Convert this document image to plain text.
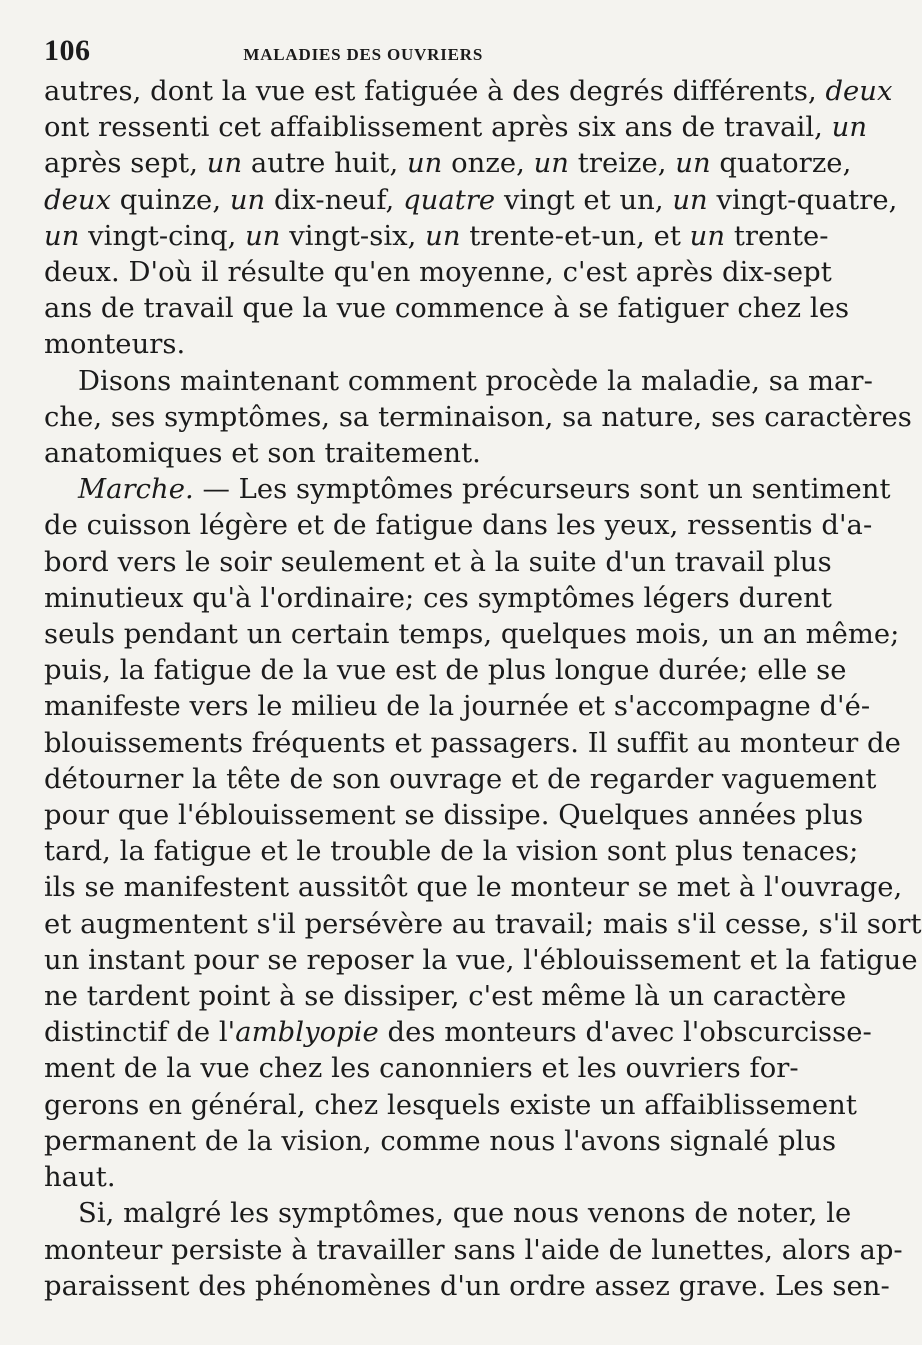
106	MALADIES DES OUVRIERS
autres, dont la vue est fatiguée à des degrés différents, deux
ont ressenti cet affaiblissement après six ans de travail, un
après sept, un autre huit, un onze, un treize, un quatorze,
deux quinze, un dix-neuf, quatre vingt et un, un vingt-quatre,
un vingt-cinq, un vingt-six, un trente-et-un, et un trente-
deux. D'où il résulte qu'en moyenne, c'est après dix-sept
ans de travail que la vue commence à se fatiguer chez les
monteurs.
Disons maintenant comment procède la maladie, sa mar-
che, ses symptômes, sa terminaison, sa nature, ses caractères
anatomiques et son traitement.
Marche. — Les symptômes précurseurs sont un sentiment
de cuisson légère et de fatigue dans les yeux, ressentis d'a-
bord vers le soir seulement et à la suite d'un travail plus
minutieux qu'à l'ordinaire; ces symptômes légers durent
seuls pendant un certain temps, quelques mois, un an même;
puis, la fatigue de la vue est de plus longue durée; elle se
manifeste vers le milieu de la journée et s'accompagne d'é-
blouissements fréquents et passagers. Il suffit au monteur de
détourner la tête de son ouvrage et de regarder vaguement
pour que l'éblouissement se dissipe. Quelques années plus
tard, la fatigue et le trouble de la vision sont plus tenaces;
ils se manifestent aussitôt que le monteur se met à l'ouvrage,
et augmentent s'il persévère au travail; mais s'il cesse, s'il sort
un instant pour se reposer la vue, l'éblouissement et la fatigue
ne tardent point à se dissiper, c'est même là un caractère
distinctif de l'amblyopie des monteurs d'avec l'obscurcisse-
ment de la vue chez les canonniers et les ouvriers for-
gerons en général, chez lesquels existe un affaiblissement
permanent de la vision, comme nous l'avons signalé plus
haut.
Si, malgré les symptômes, que nous venons de noter, le
monteur persiste à travailler sans l'aide de lunettes, alors ap-
paraissent des phénomènes d'un ordre assez grave. Les sen-
